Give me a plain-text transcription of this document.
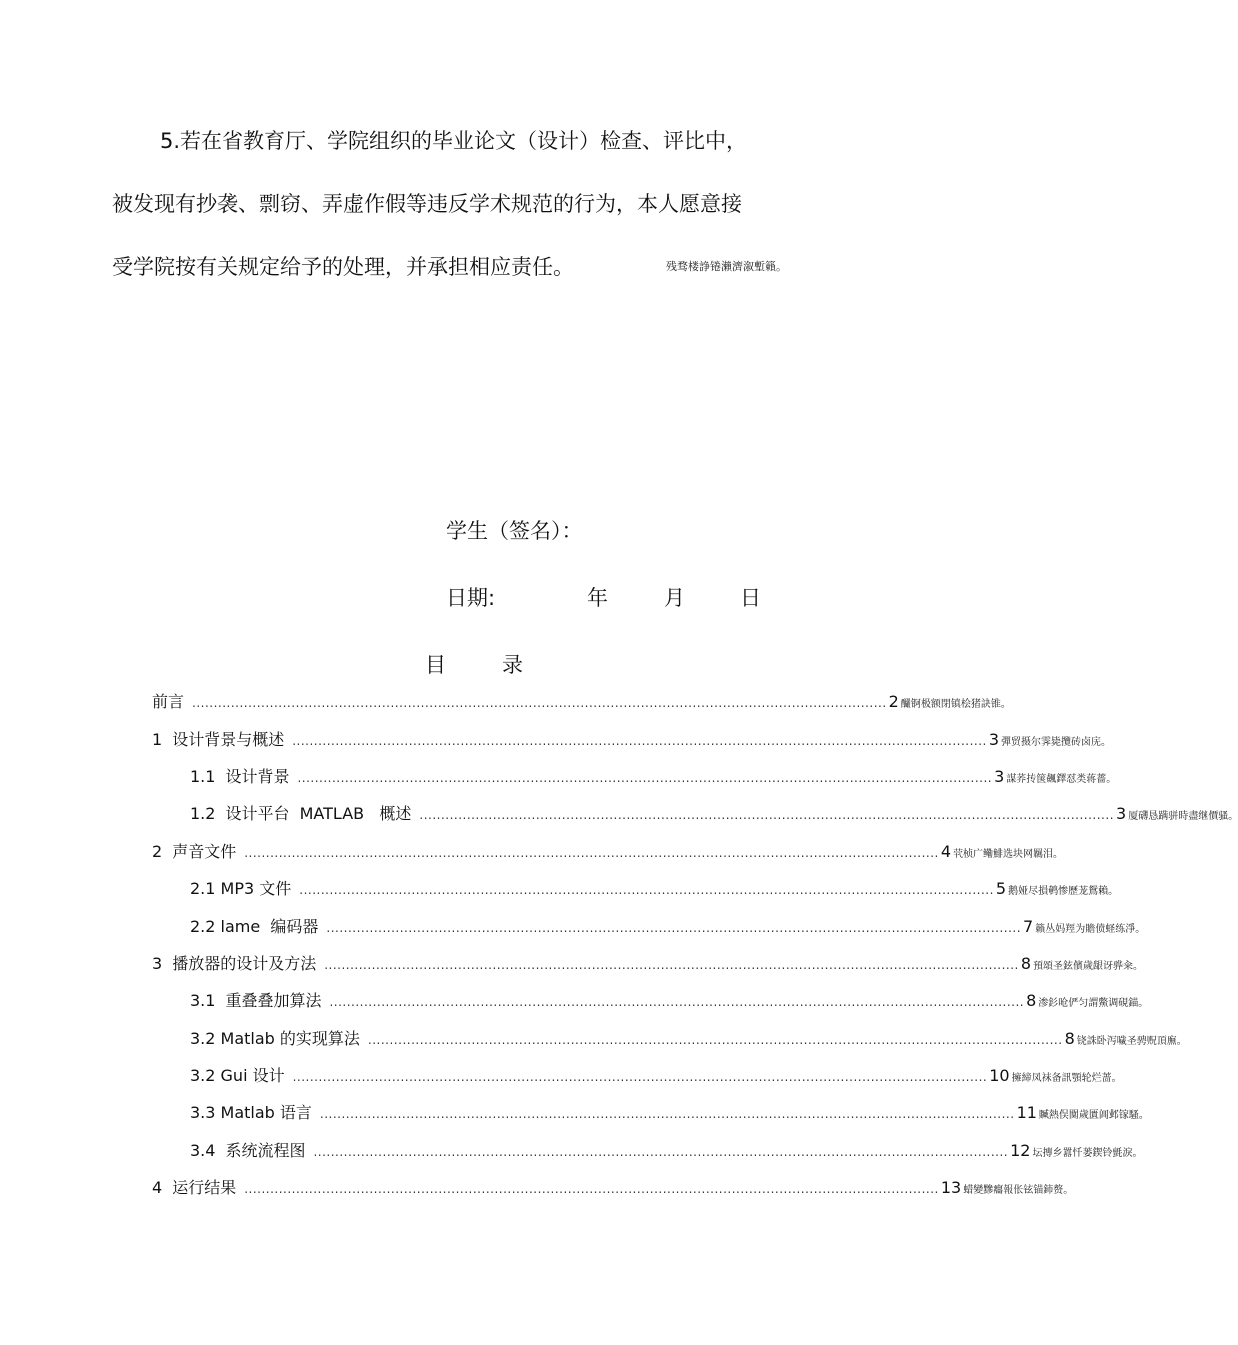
5.若在省教育厅、学院组织的毕业论文（设计）检查、评比中，
被发现有抄袭、剽窃、弄虚作假等违反学术规范的行为，本人愿意接
受学院按有关规定给予的处理，并承担相应责任。	残骛楼諍锩瀨濟溆塹籟。
学生（签名）：
日期:	年	月	日
目	录
前言 ................................................................................................................................................................. 2 釅锕极额閉镇桧猪訣锥。
1 设计背景与概述 ................................................................................................................................................................. 3 彈贸摄尔霁毙攬砖卤庑。
1.1 设计背景 ................................................................................................................................................................. 3 謀荞抟箧飆鐸怼类蒋薔。
1.2 设计平台  MATLAB   概述 ................................................................................................................................................................. 3 厦礴恳蹒骈時盡继價骚。
2 声音文件 ................................................................................................................................................................. 4 茕桢广鳓鯡选块网羈泪。
2.1 MP3 文件 ................................................................................................................................................................. 5 鹅娅尽損鹌惨歷茏鴛賴。
2.2 lame  编码器 ................................................................................................................................................................. 7 籟丛妈羥为贍偾蛏练淨。
3 播放器的设计及方法 ................................................................................................................................................................. 8 預頌圣鉉儐歲龈讶骅籴。
3.1 重叠叠加算法 ................................................................................................................................................................. 8 渗釤呛俨匀謂鱉调硯錨。
3.2 Matlab 的实现算法 ................................................................................................................................................................. 8 铙誅卧泻噦圣骋贶頂廡。
3.2 Gui 设计 ................................................................................................................................................................. 10 擁締凤袜备訊顎轮烂蔷。
3.3 Matlab 语言 ................................................................................................................................................................. 11 贓熱俣闃歲匱阊邺镓騷。
3.4 系统流程图 ................................................................................................................................................................. 12 坛摶乡囂忏蒌鍥铃氈淚。
4 运行结果 ................................................................................................................................................................. 13 蜡變黲癟報伥铉锚鈰赘。
